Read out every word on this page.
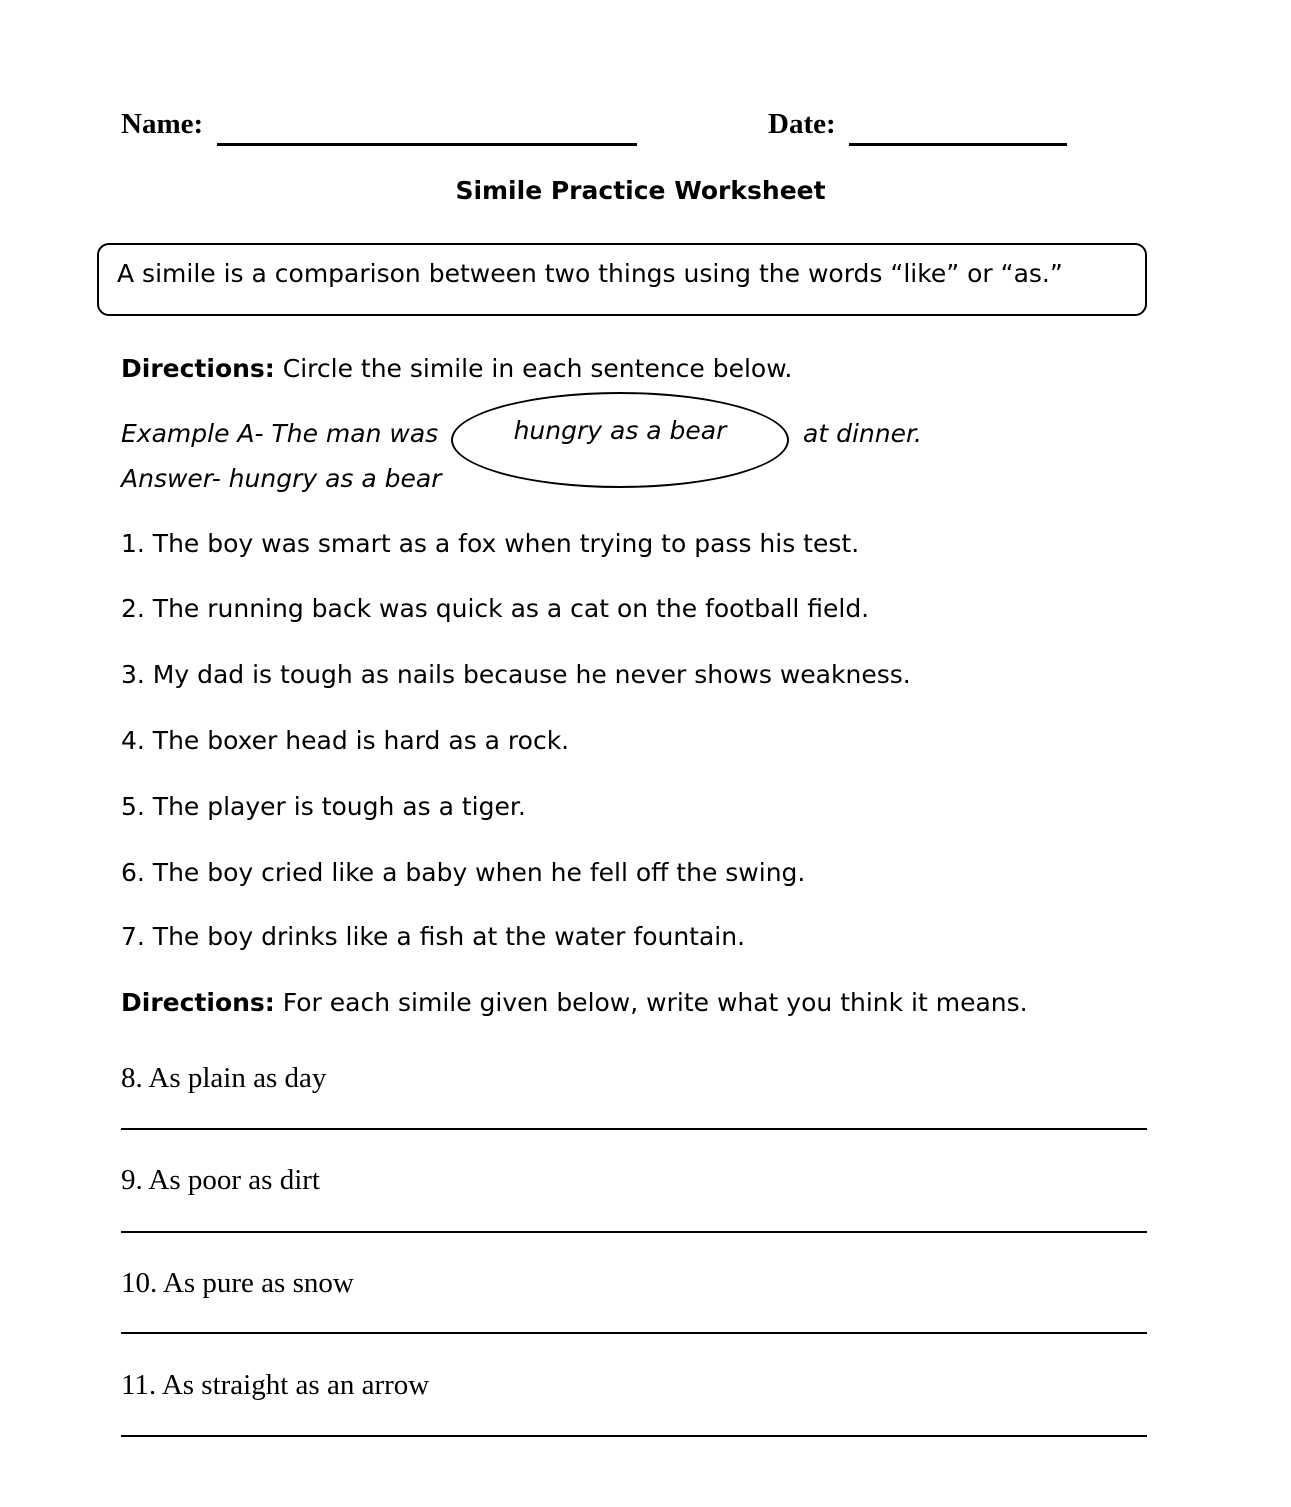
Name:	Date:
Simile Practice Worksheet
A simile is a comparison between two things using the words “like” or “as.”
Directions: Circle the simile in each sentence below.
Example A- The man was	hungry as a bear	at dinner.
Answer- hungry as a bear
1. The boy was smart as a fox when trying to pass his test.
2. The running back was quick as a cat on the football field.
3. My dad is tough as nails because he never shows weakness.
4. The boxer head is hard as a rock.
5. The player is tough as a tiger.
6. The boy cried like a baby when he fell off the swing.
7. The boy drinks like a fish at the water fountain.
Directions: For each simile given below, write what you think it means.
8. As plain as day
9. As poor as dirt
10. As pure as snow
11. As straight as an arrow
